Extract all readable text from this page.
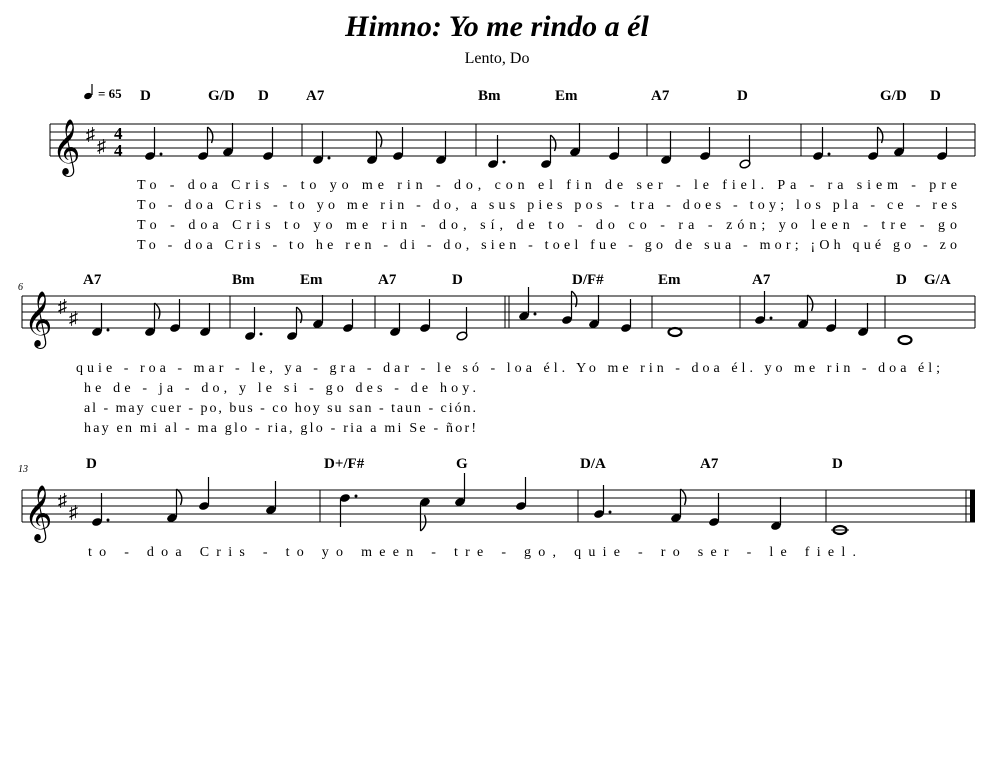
Himno: Yo me rindo a él
Lento, Do
= 65
𝄞 ♯
♯
4
4
D	G/D D A7	Bm	Em	A7	D	G/D D
To - doa Cris - to yo me rin - do, con el fin de ser - le fiel. Pa - ra siem - pre
To - doa Cris - to yo me rin - do, a sus pies pos - tra - does - toy; los pla - ce - res
To - doa Cris to yo me rin - do, sí, de to - do co - ra - zón; yo leen - tre - go
To - doa Cris - to he ren - di - do, sien - toel fue - go de sua - mor; ¡Oh qué go - zo
6
𝄞 ♯
♯
A7	Bm	Em	A7	D	D/F#	Em	A7	D G/A
quie - roa - mar - le, ya - gra - dar - le só - loa él. Yo me rin - doa él. yo me rin - doa él;
he de - ja - do, y le si - go des - de hoy.
al - may cuer - po, bus - co hoy su san - taun - ción.
hay en mi al - ma glo - ria, glo - ria a mi Se - ñor!
13
𝄞 ♯
♯
D	D+/F#	G	D/A	A7	D
to - doa Cris - to yo meen - tre - go, quie - ro ser - le fiel.
